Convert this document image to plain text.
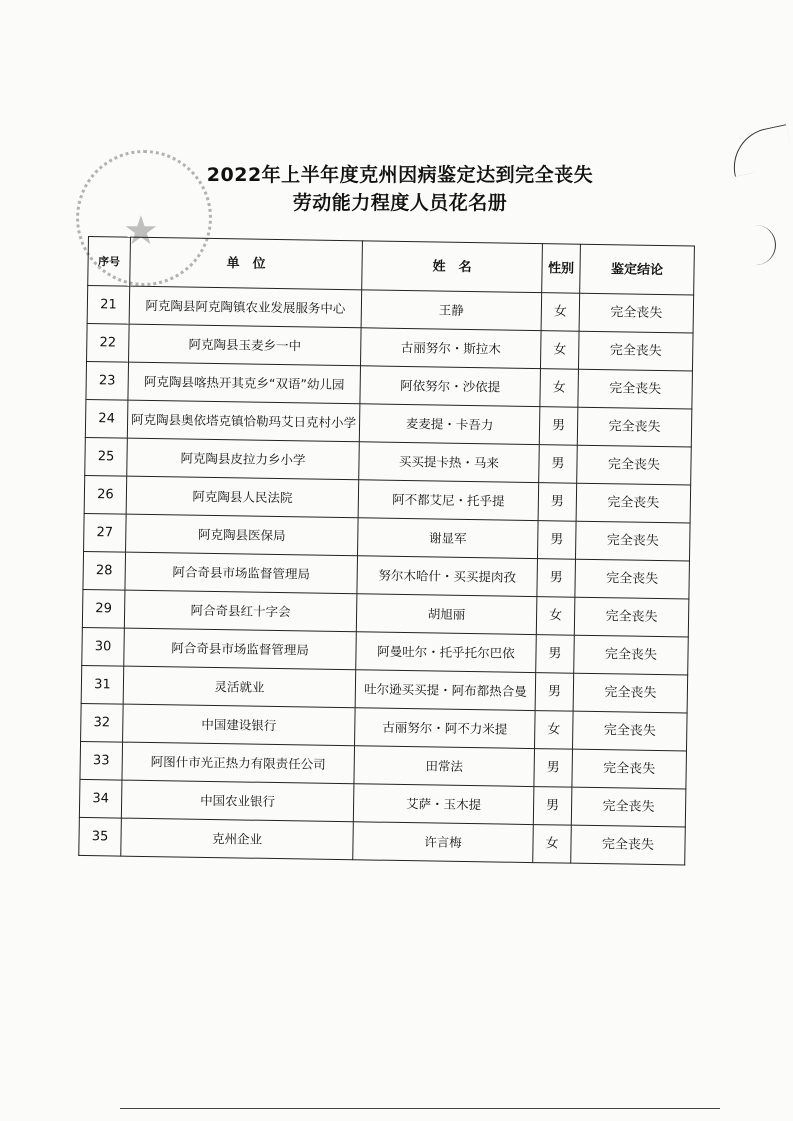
★
2022年上半年度克州因病鉴定达到完全丧失
劳动能力程度人员花名册
序号	单　位	姓　名	性别	鉴定结论
21	阿克陶县阿克陶镇农业发展服务中心	王静	女	完全丧失
22	阿克陶县玉麦乡一中	古丽努尔・斯拉木	女	完全丧失
23	阿克陶县喀热开其克乡“双语”幼儿园	阿依努尔・沙依提	女	完全丧失
24	阿克陶县奥依塔克镇恰勒玛艾日克村小学	麦麦提・卡吾力	男	完全丧失
25	阿克陶县皮拉力乡小学	买买提卡热・马来	男	完全丧失
26	阿克陶县人民法院	阿不都艾尼・托乎提	男	完全丧失
27	阿克陶县医保局	谢显军	男	完全丧失
28	阿合奇县市场监督管理局	努尔木哈什・买买提肉孜	男	完全丧失
29	阿合奇县红十字会	胡旭丽	女	完全丧失
30	阿合奇县市场监督管理局	阿曼吐尔・托乎托尔巴依	男	完全丧失
31	灵活就业	吐尔逊买买提・阿布都热合曼	男	完全丧失
32	中国建设银行	古丽努尔・阿不力米提	女	完全丧失
33	阿图什市光正热力有限责任公司	田常法	男	完全丧失
34	中国农业银行	艾萨・玉木提	男	完全丧失
35	克州企业	许言梅	女	完全丧失
